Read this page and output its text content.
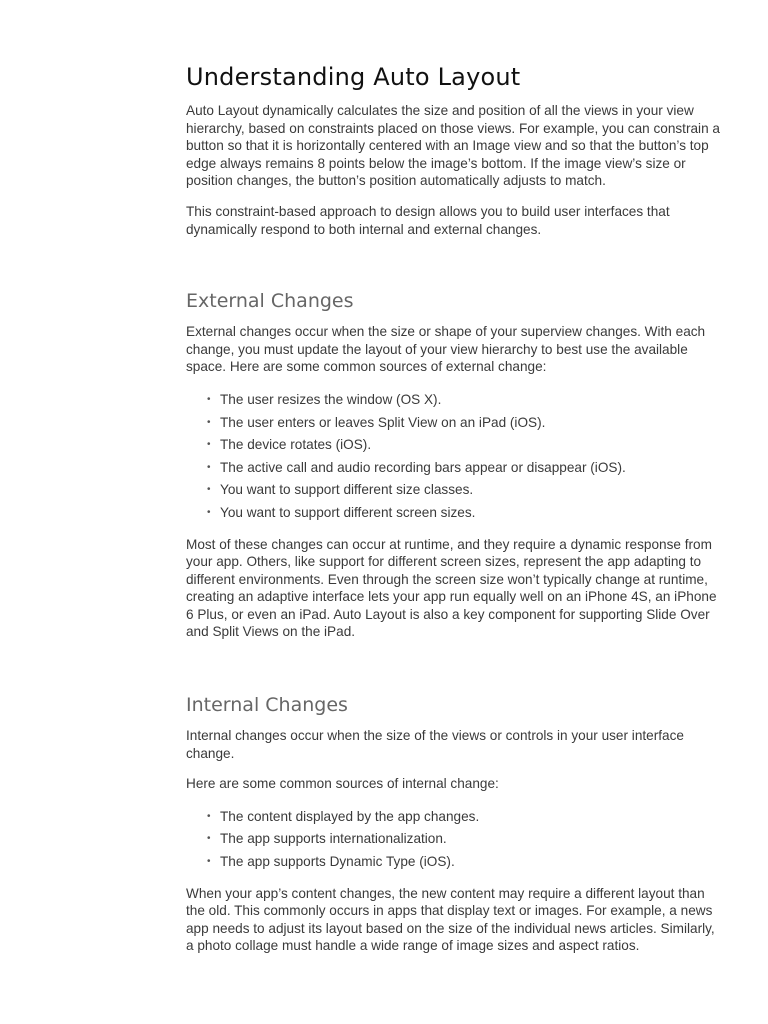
Understanding Auto Layout

Auto Layout dynamically calculates the size and position of all the views in your view hierarchy, based on constraints placed on those views. For example, you can constrain a button so that it is horizontally centered with an Image view and so that the button’s top edge always remains 8 points below the image’s bottom. If the image view’s size or position changes, the button’s position automatically adjusts to match.

This constraint-based approach to design allows you to build user interfaces that dynamically respond to both internal and external changes.

External Changes

External changes occur when the size or shape of your superview changes. With each change, you must update the layout of your view hierarchy to best use the available space. Here are some common sources of external change:

• The user resizes the window (OS X).
• The user enters or leaves Split View on an iPad (iOS).
• The device rotates (iOS).
• The active call and audio recording bars appear or disappear (iOS).
• You want to support different size classes.
• You want to support different screen sizes.

Most of these changes can occur at runtime, and they require a dynamic response from your app. Others, like support for different screen sizes, represent the app adapting to different environments. Even through the screen size won’t typically change at runtime, creating an adaptive interface lets your app run equally well on an iPhone 4S, an iPhone 6 Plus, or even an iPad. Auto Layout is also a key component for supporting Slide Over and Split Views on the iPad.

Internal Changes

Internal changes occur when the size of the views or controls in your user interface change.

Here are some common sources of internal change:

• The content displayed by the app changes.
• The app supports internationalization.
• The app supports Dynamic Type (iOS).

When your app’s content changes, the new content may require a different layout than the old. This commonly occurs in apps that display text or images. For example, a news app needs to adjust its layout based on the size of the individual news articles. Similarly, a photo collage must handle a wide range of image sizes and aspect ratios.
